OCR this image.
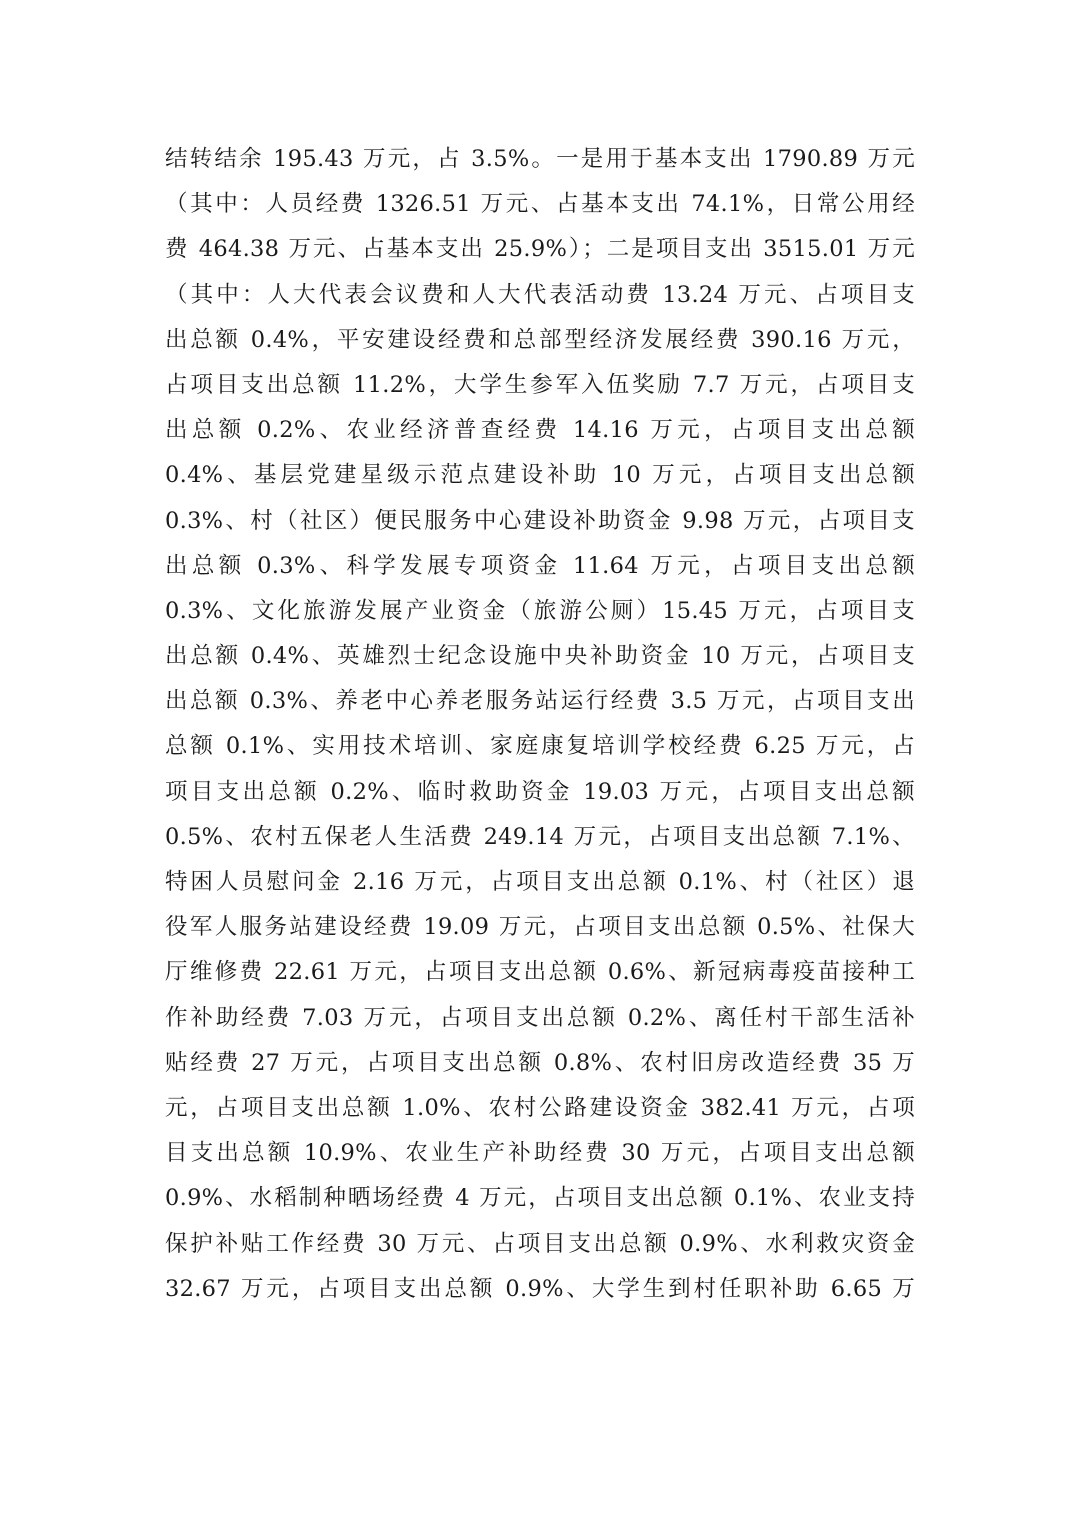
结转结余 195.43 万元，占 3.5%。一是用于基本支出 1790.89 万元
（其中：人员经费 1326.51 万元、占基本支出 74.1%，日常公用经
费 464.38 万元、占基本支出 25.9%）；二是项目支出 3515.01 万元
（其中：人大代表会议费和人大代表活动费 13.24 万元、占项目支
出总额 0.4%，平安建设经费和总部型经济发展经费 390.16 万元，
占项目支出总额 11.2%，大学生参军入伍奖励 7.7 万元，占项目支
出总额 0.2%、农业经济普查经费 14.16 万元，占项目支出总额
0.4%、基层党建星级示范点建设补助 10 万元，占项目支出总额
0.3%、村（社区）便民服务中心建设补助资金 9.98 万元，占项目支
出总额 0.3%、科学发展专项资金 11.64 万元，占项目支出总额
0.3%、文化旅游发展产业资金（旅游公厕）15.45 万元，占项目支
出总额 0.4%、英雄烈士纪念设施中央补助资金 10 万元，占项目支
出总额 0.3%、养老中心养老服务站运行经费 3.5 万元，占项目支出
总额 0.1%、实用技术培训、家庭康复培训学校经费 6.25 万元，占
项目支出总额 0.2%、临时救助资金 19.03 万元，占项目支出总额
0.5%、农村五保老人生活费 249.14 万元，占项目支出总额 7.1%、
特困人员慰问金 2.16 万元，占项目支出总额 0.1%、村（社区）退
役军人服务站建设经费 19.09 万元，占项目支出总额 0.5%、社保大
厅维修费 22.61 万元，占项目支出总额 0.6%、新冠病毒疫苗接种工
作补助经费 7.03 万元，占项目支出总额 0.2%、离任村干部生活补
贴经费 27 万元，占项目支出总额 0.8%、农村旧房改造经费 35 万
元，占项目支出总额 1.0%、农村公路建设资金 382.41 万元，占项
目支出总额 10.9%、农业生产补助经费 30 万元，占项目支出总额
0.9%、水稻制种晒场经费 4 万元，占项目支出总额 0.1%、农业支持
保护补贴工作经费 30 万元、占项目支出总额 0.9%、水利救灾资金
32.67 万元，占项目支出总额 0.9%、大学生到村任职补助 6.65 万
